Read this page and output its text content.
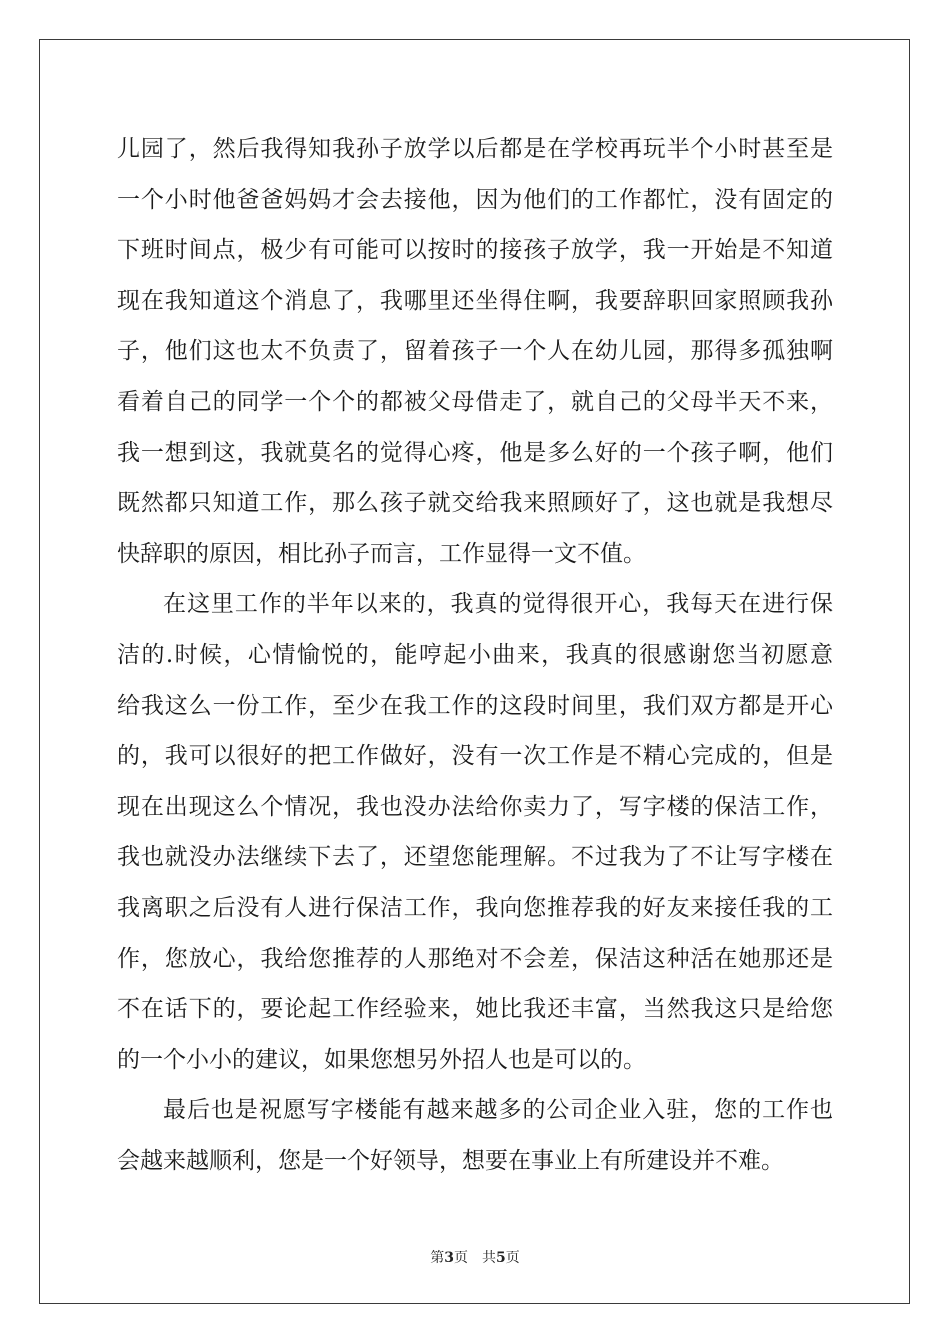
儿园了，然后我得知我孙子放学以后都是在学校再玩半个小时甚至是
一个小时他爸爸妈妈才会去接他，因为他们的工作都忙，没有固定的
下班时间点，极少有可能可以按时的接孩子放学，我一开始是不知道
现在我知道这个消息了，我哪里还坐得住啊，我要辞职回家照顾我孙
子，他们这也太不负责了，留着孩子一个人在幼儿园，那得多孤独啊
看着自己的同学一个个的都被父母借走了，就自己的父母半天不来，
我一想到这，我就莫名的觉得心疼，他是多么好的一个孩子啊，他们
既然都只知道工作，那么孩子就交给我来照顾好了，这也就是我想尽
快辞职的原因，相比孙子而言，工作显得一文不值。
在这里工作的半年以来的，我真的觉得很开心，我每天在进行保
洁的.时候，心情愉悦的，能哼起小曲来，我真的很感谢您当初愿意
给我这么一份工作，至少在我工作的这段时间里，我们双方都是开心
的，我可以很好的把工作做好，没有一次工作是不精心完成的，但是
现在出现这么个情况，我也没办法给你卖力了，写字楼的保洁工作，
我也就没办法继续下去了，还望您能理解。不过我为了不让写字楼在
我离职之后没有人进行保洁工作，我向您推荐我的好友来接任我的工
作，您放心，我给您推荐的人那绝对不会差，保洁这种活在她那还是
不在话下的，要论起工作经验来，她比我还丰富，当然我这只是给您
的一个小小的建议，如果您想另外招人也是可以的。
最后也是祝愿写字楼能有越来越多的公司企业入驻，您的工作也
会越来越顺利，您是一个好领导，想要在事业上有所建设并不难。
第3页 共5页
